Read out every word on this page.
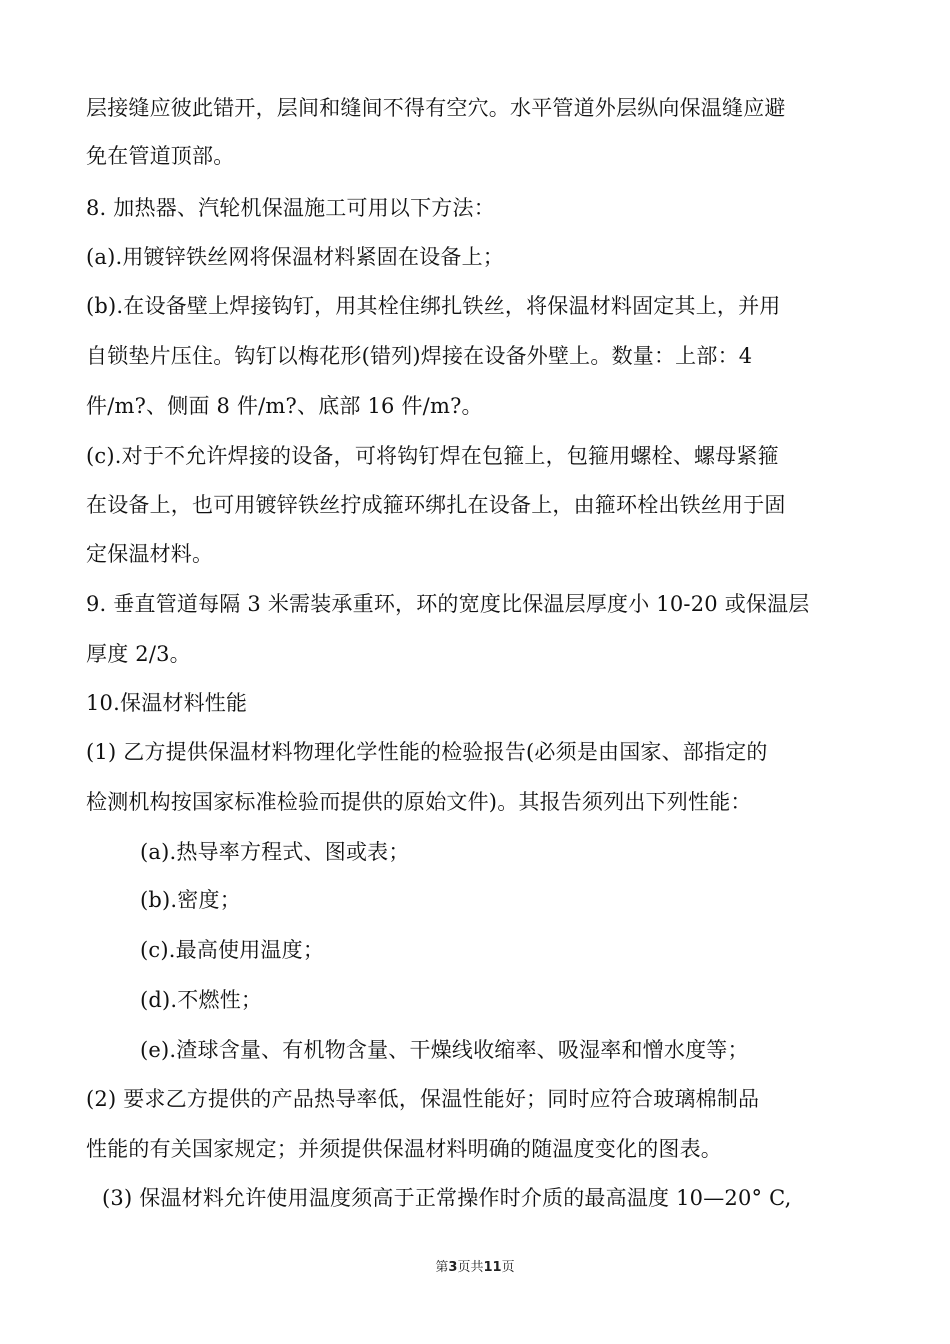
层接缝应彼此错开，层间和缝间不得有空穴。水平管道外层纵向保温缝应避
免在管道顶部。
8. 加热器、汽轮机保温施工可用以下方法：
(a).用镀锌铁丝网将保温材料紧固在设备上；
(b).在设备壁上焊接钩钉，用其栓住绑扎铁丝，将保温材料固定其上，并用
自锁垫片压住。钩钉以梅花形(错列)焊接在设备外壁上。数量：上部：4
件/m?、侧面 8 件/m?、底部 16 件/m?。
(c).对于不允许焊接的设备，可将钩钉焊在包箍上，包箍用螺栓、螺母紧箍
在设备上，也可用镀锌铁丝拧成箍环绑扎在设备上，由箍环栓出铁丝用于固
定保温材料。
9. 垂直管道每隔 3 米需装承重环，环的宽度比保温层厚度小 10-20 或保温层
厚度 2/3。
10.保温材料性能
(1) 乙方提供保温材料物理化学性能的检验报告(必须是由国家、部指定的
检测机构按国家标准检验而提供的原始文件)。其报告须列出下列性能：
(a).热导率方程式、图或表；
(b).密度；
(c).最高使用温度；
(d).不燃性；
(e).渣球含量、有机物含量、干燥线收缩率、吸湿率和憎水度等；
(2) 要求乙方提供的产品热导率低，保温性能好；同时应符合玻璃棉制品
性能的有关国家规定；并须提供保温材料明确的随温度变化的图表。
(3) 保温材料允许使用温度须高于正常操作时介质的最高温度 10—20° C,
第3页共11页
